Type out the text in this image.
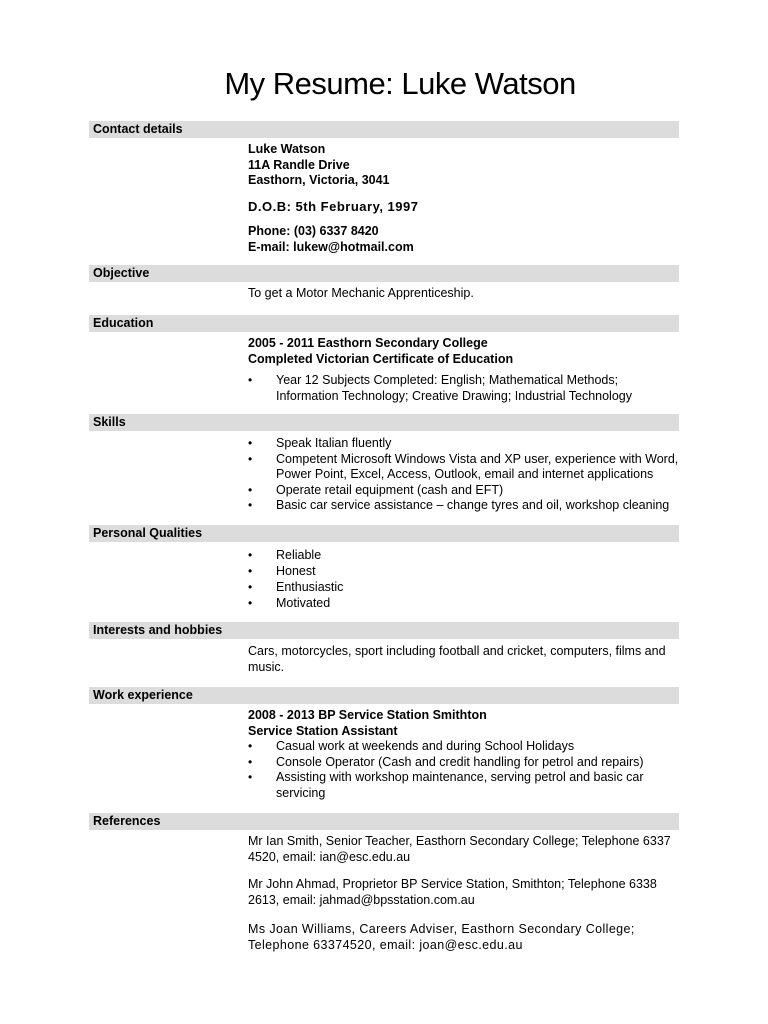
My Resume: Luke Watson
Contact details
Luke Watson
11A Randle Drive
Easthorn, Victoria, 3041
D.O.B: 5th February, 1997
Phone: (03) 6337 8420
E-mail: lukew@hotmail.com
Objective
To get a Motor Mechanic Apprenticeship.
Education
2005 - 2011 Easthorn Secondary College
Completed Victorian Certificate of Education
• Year 12 Subjects Completed: English; Mathematical Methods; Information Technology; Creative Drawing; Industrial Technology
Skills
• Speak Italian fluently
• Competent Microsoft Windows Vista and XP user, experience with Word, Power Point, Excel, Access, Outlook, email and internet applications
• Operate retail equipment (cash and EFT)
• Basic car service assistance – change tyres and oil, workshop cleaning
Personal Qualities
• Reliable
• Honest
• Enthusiastic
• Motivated
Interests and hobbies
Cars, motorcycles, sport including football and cricket, computers, films and music.
Work experience
2008 - 2013 BP Service Station Smithton
Service Station Assistant
• Casual work at weekends and during School Holidays
• Console Operator (Cash and credit handling for petrol and repairs)
• Assisting with workshop maintenance, serving petrol and basic car servicing
References
Mr Ian Smith, Senior Teacher, Easthorn Secondary College; Telephone 6337 4520, email: ian@esc.edu.au
Mr John Ahmad, Proprietor BP Service Station, Smithton; Telephone 6338 2613, email: jahmad@bpsstation.com.au
Ms Joan Williams, Careers Adviser, Easthorn Secondary College; Telephone 63374520, email: joan@esc.edu.au
